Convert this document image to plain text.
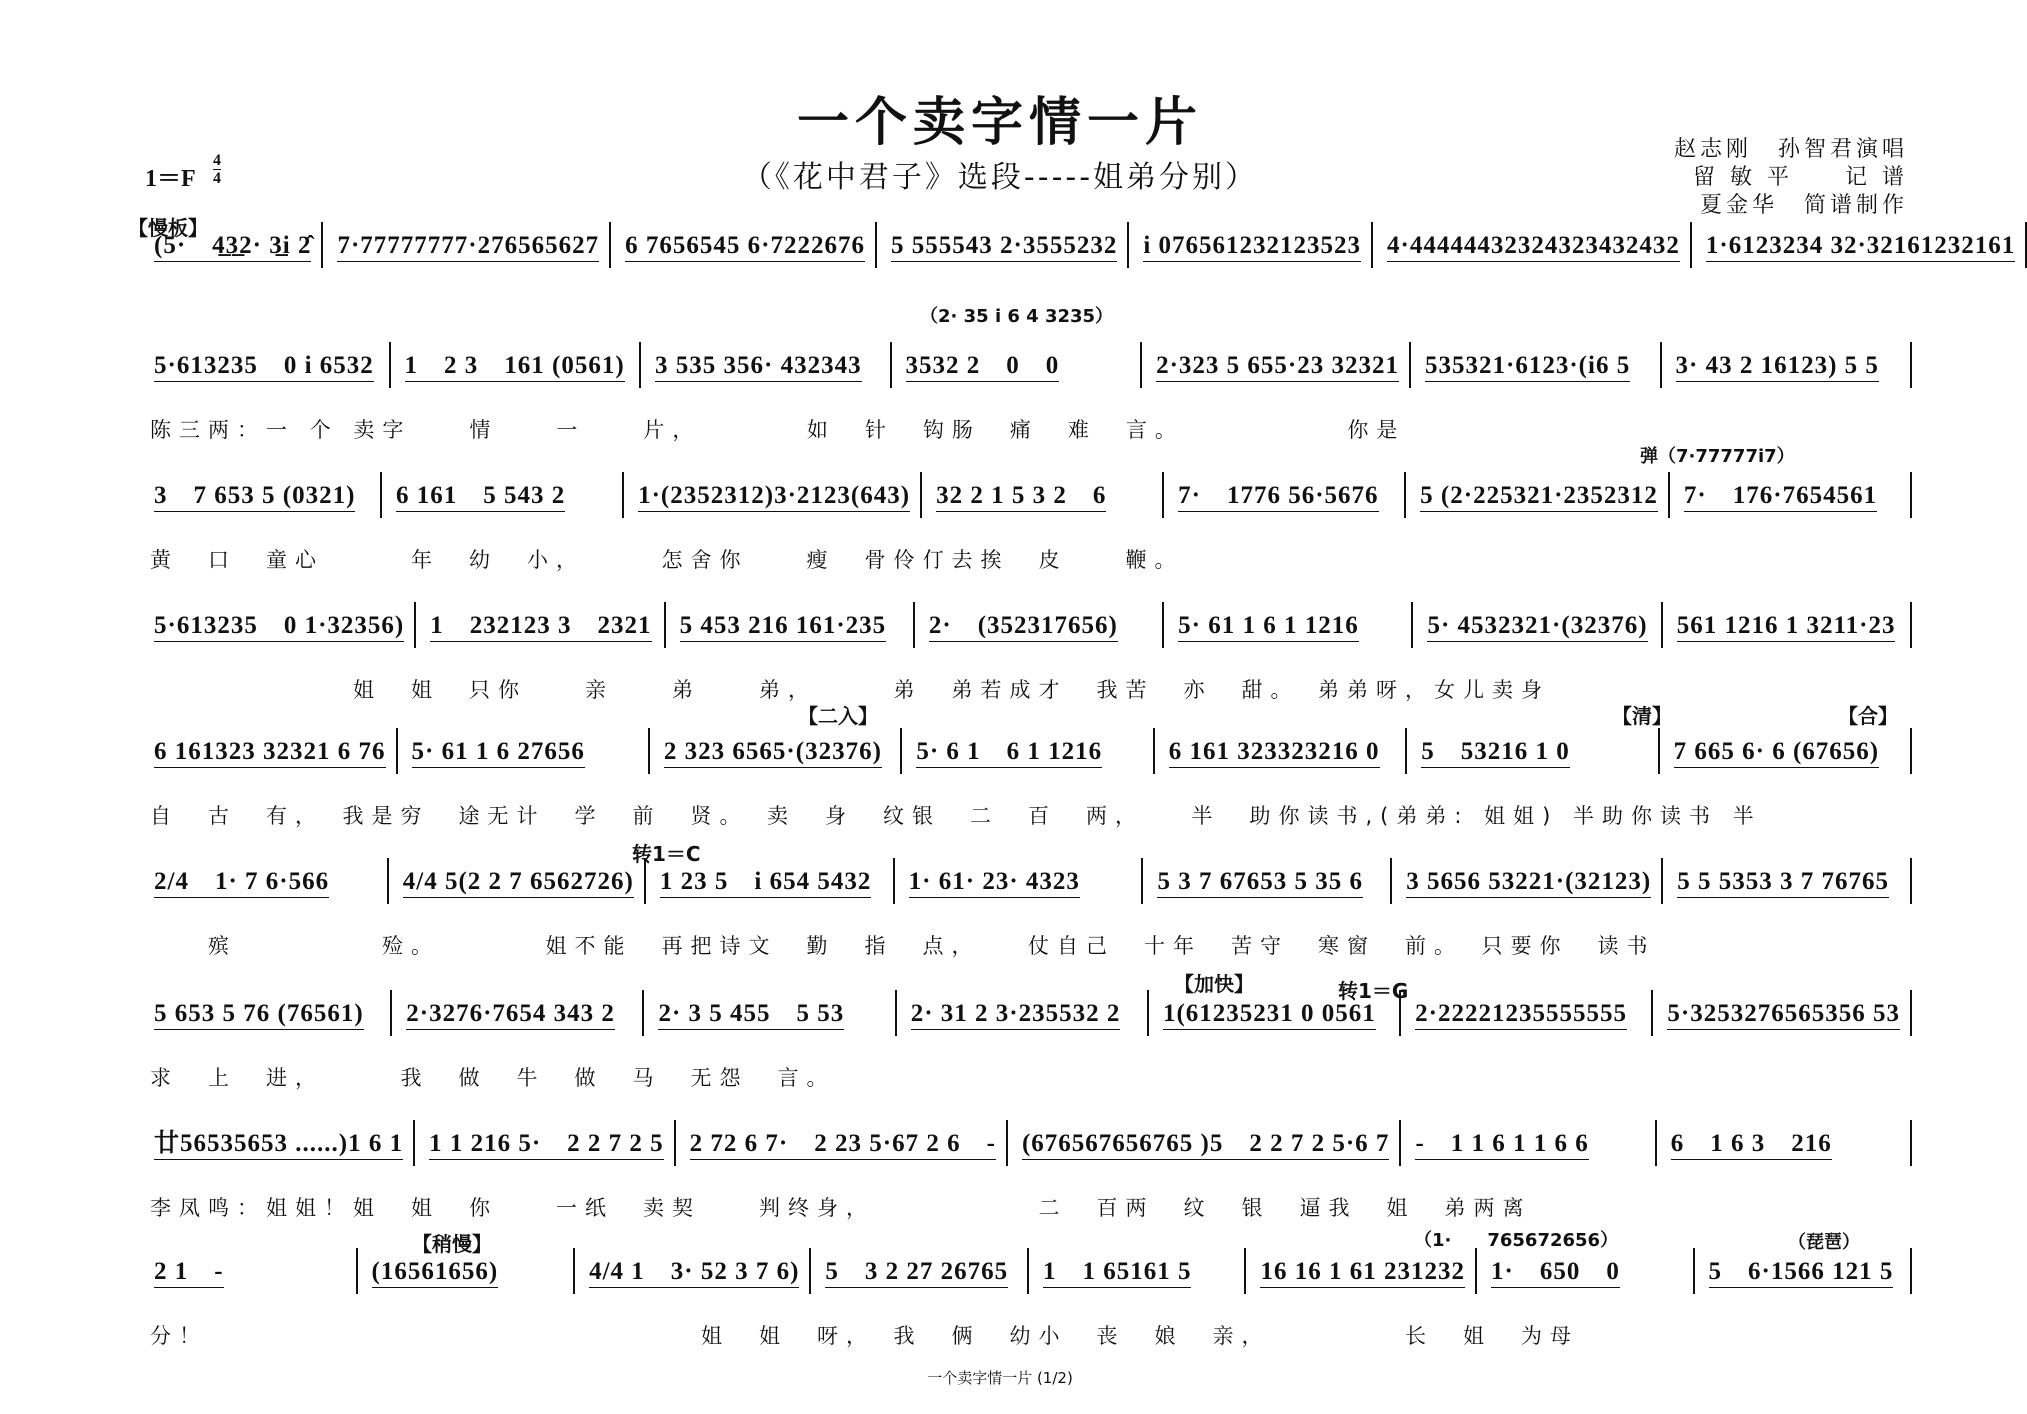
一个卖字情一片
（《花中君子》选段-----姐弟分别）
赵志刚　孙智君演唱
留 敏 平　　记 谱
夏金华　简谱制作
1＝F
4
4
【慢板】
（2· 35 i 6 4 3235）
弹（7·77777i7）
【二入】	【清】	【合】
转1＝C
【加快】	转1＝G
【稍慢】	（1·　　765672656）	（琵琶）
(5·　4̲3̲2· 3̲i 2̂ 7·77777777·276565627 6 7656545 6·7222676 5 555543 2·3555232 i 076561232123523 4·44444432324323432432 1·6123234 32·32161232161
5·613235　0 i 6532 1　2 3　161 (0561) 3 535 356· 432343 3532 2　0　0	2·323 5 655·23 32321 535321·6123·(i6 5 3· 43 2 16123) 5 5
陈三两：一 个 卖字　　情　　一　　片，　　　　如　针　钩肠　痛　难　言。　　　　　　你是
3　7 653 5 (0321) 6 161　5 543 2	1·(2352312)3·2123(643) 32 2 1 5 3 2　6	7·　1776 56·5676 5 (2·225321·2352312 7·　176·7654561
黄　口　童心　　　年　幼　小，　　　怎舍你　　瘦　骨伶仃去挨　皮　　鞭。
5·613235　0 1·32356) 1　232123 3　2321 5 453 216 161·235 2·　(352317656) 5· 61 1 6 1 1216	5· 4532321·(32376) 561 1216 1 3211·23
　　　　　　　姐　姐　只你　　亲　　弟　　弟，　　　弟　弟若成才　我苦　亦　甜。　弟弟呀，女儿卖身
6 161323 32321 6 76 5· 61 1 6 27656	2 323 6565·(32376) 5· 6 1　6 1 1216	6 161 323323216 0 5　53216 1 0	7 665 6· 6 (67656)
自　古　有，　我是穷　途无计　学　前　贤。　卖　身　纹银　二　百　两，　　半　助你读书,(弟弟: 姐姐) 半助你读书 半
2/4　1· 7 6·566	4/4 5(2 2 7 6562726) 1 23 5　i 654 5432 1· 61· 23· 4323	5 3 7 67653 5 35 6 3 5656 53221·(32123) 5 5 5353 3 7 76765
　　殡　　　　　殓。　　　　姐不能　再把诗文　勤　指　点，　　仗自己　十年　苦守　寒窗　前。　只要你　读书
5 653 5 76 (76561) 2·3276·7654 343 2 2· 3 5 455　5 53	2· 31 2 3·235532 2 1(61235231 0 0561 2·22221235555555 5·3253276565356 53
求　上　进，　　　我　做　牛　做　马　无怨　言。
廿56535653 ......)1 6 1 1 1 216 5·　2 2 7 2 5 2 72 6 7·　2 23 5·67 2 6　- (676567656765 )5　2 2 7 2 5·6 7 -　1 1 6 1 1 6 6	6　1 6 3　216
李凤鸣：姐姐！姐　姐　你　　一纸　卖契　　判终身，　　　　　　二　百两　纹　银　逼我　姐　弟两离
2 1　-	(16561656)	4/4 1　3· 52 3 7 6) 5　3 2 27 26765 1　1 65161 5	16 16 1 61 231232 1·　650　0	5　6·1566 121 5
分！　　　　　　　　　　　　　　　　　姐　姐　呀，　我　俩　幼小　丧　娘　亲，　　　　　长　姐　为母
一个卖字情一片 (1/2)
